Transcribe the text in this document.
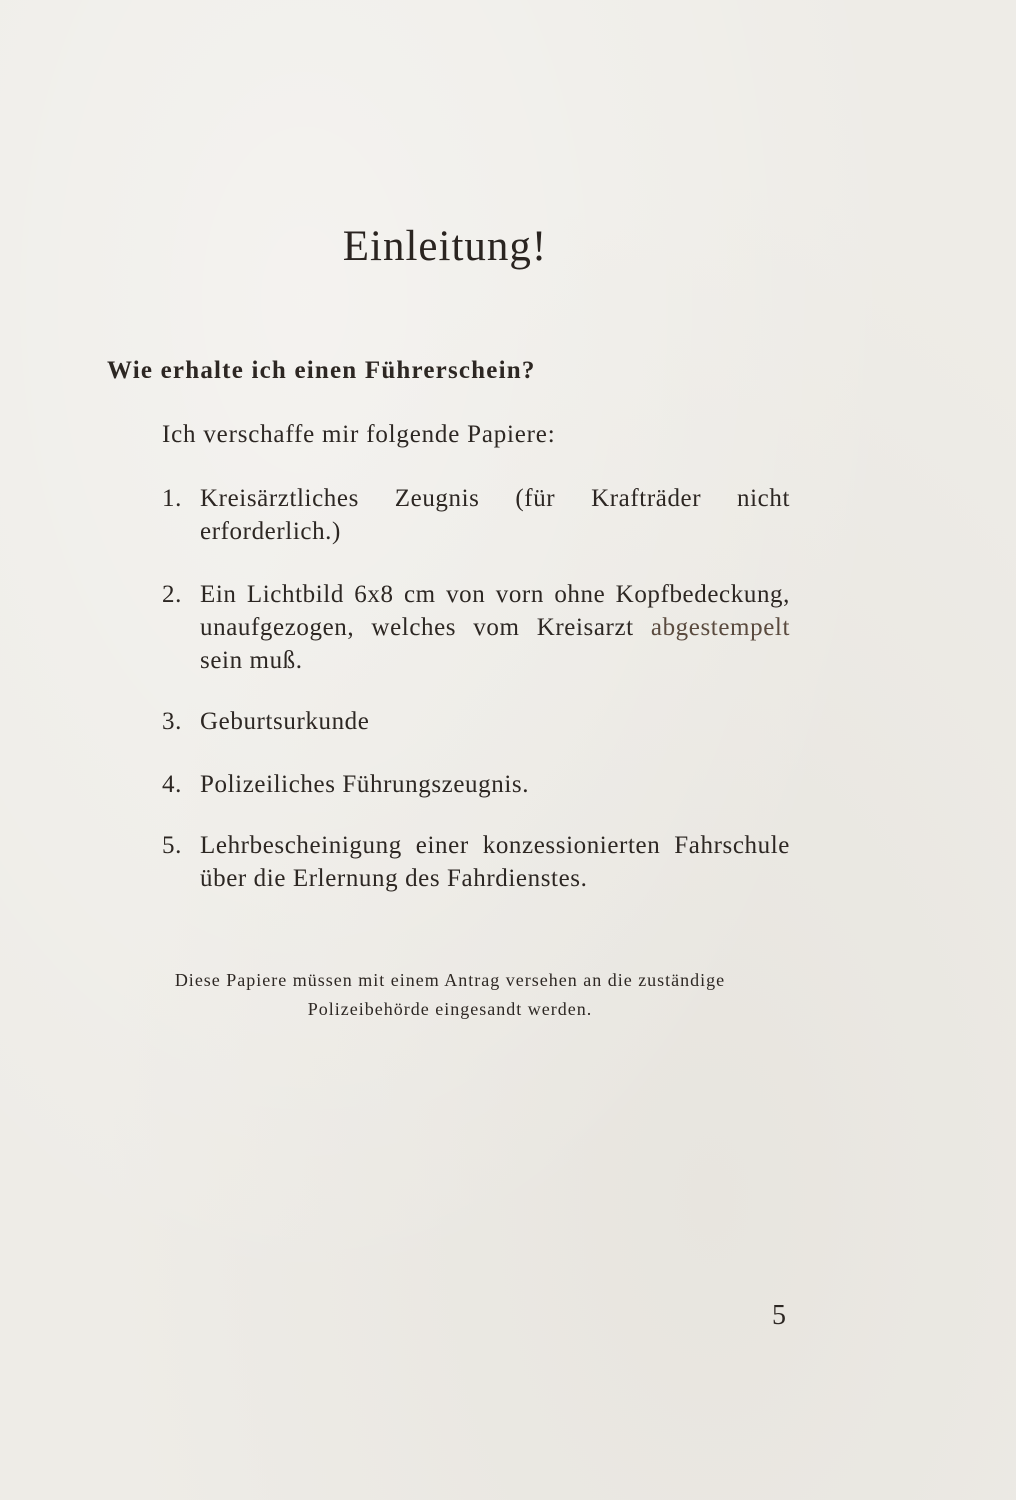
Einleitung!
Wie erhalte ich einen Führerschein?
Ich verschaffe mir folgende Papiere:
1. Kreisärztliches Zeugnis (für Krafträder nicht erforderlich.)
2. Ein Lichtbild 6x8 cm von vorn ohne Kopfbedeckung, unaufgezogen, welches vom Kreisarzt abgestempelt sein muß.
3. Geburtsurkunde
4. Polizeiliches Führungszeugnis.
5. Lehrbescheinigung einer konzessionierten Fahrschule über die Erlernung des Fahrdienstes.
Diese Papiere müssen mit einem Antrag versehen an die zuständige
Polizeibehörde eingesandt werden.
5
